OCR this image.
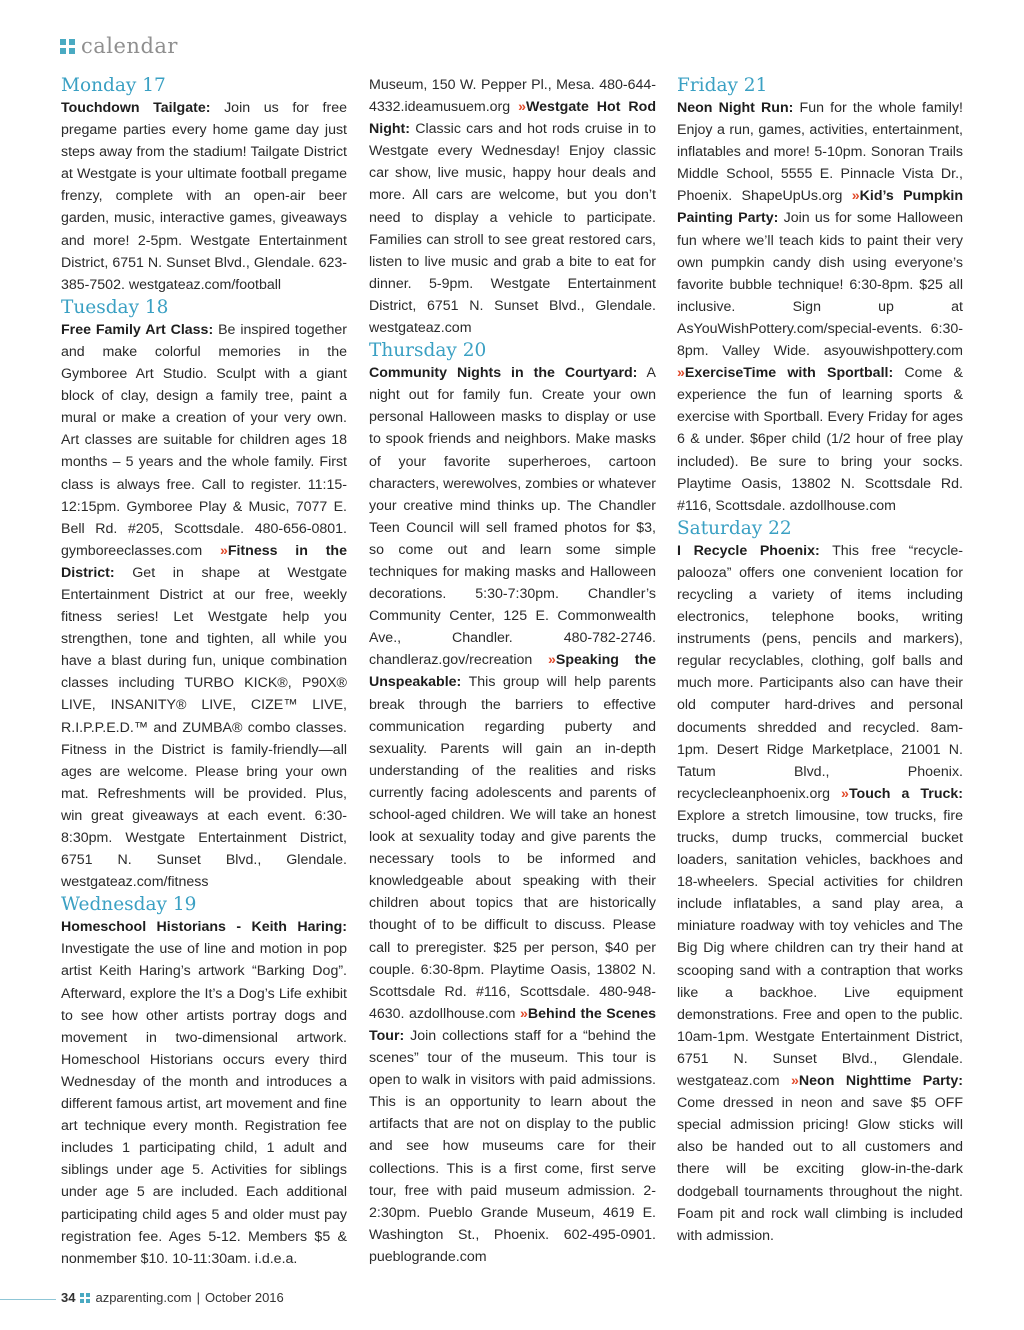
calendar
Monday 17

Touchdown Tailgate: Join us for free pregame parties every home game day just steps away from the stadium! Tailgate District at Westgate is your ultimate football pregame frenzy, complete with an open-air beer garden, music, interactive games, giveaways and more! 2-5pm. Westgate Entertainment District, 6751 N. Sunset Blvd., Glendale. 623-385-7502. westgateaz.com/football

Tuesday 18

Free Family Art Class: Be inspired together and make colorful memories in the Gymboree Art Studio. Sculpt with a giant block of clay, design a family tree, paint a mural or make a creation of your very own. Art classes are suitable for children ages 18 months – 5 years and the whole family. First class is always free. Call to register. 11:15-12:15pm. Gymboree Play & Music, 7077 E. Bell Rd. #205, Scottsdale. 480-656-0801. gymboreeclasses.com » Fitness in the District: Get in shape at Westgate Entertainment District at our free, weekly fitness series! Let Westgate help you strengthen, tone and tighten, all while you have a blast during fun, unique combination classes including TURBO KICK®, P90X® LIVE, INSANITY® LIVE, CIZE™ LIVE, R.I.P.P.E.D.™ and ZUMBA® combo classes. Fitness in the District is family-friendly—all ages are welcome. Please bring your own mat. Refreshments will be provided. Plus, win great giveaways at each event. 6:30-8:30pm. Westgate Entertainment District, 6751 N. Sunset Blvd., Glendale. westgateaz.com/fitness

Wednesday 19

Homeschool Historians - Keith Haring: Investigate the use of line and motion in pop artist Keith Haring’s artwork “Barking Dog”. Afterward, explore the It’s a Dog’s Life exhibit to see how other artists portray dogs and movement in two-dimensional artwork. Homeschool Historians occurs every third Wednesday of the month and introduces a different famous artist, art movement and fine art technique every month. Registration fee includes 1 participating child, 1 adult and siblings under age 5. Activities for siblings under age 5 are included. Each additional participating child ages 5 and older must pay registration fee. Ages 5-12. Members $5 & nonmember $10. 10-11:30am. i.d.e.a.

Museum, 150 W. Pepper Pl., Mesa. 480-644-4332.ideamusuem.org » Westgate Hot Rod Night: Classic cars and hot rods cruise in to Westgate every Wednesday! Enjoy classic car show, live music, happy hour deals and more. All cars are welcome, but you don’t need to display a vehicle to participate. Families can stroll to see great restored cars, listen to live music and grab a bite to eat for dinner. 5-9pm. Westgate Entertainment District, 6751 N. Sunset Blvd., Glendale. westgateaz.com

Thursday 20

Community Nights in the Courtyard: A night out for family fun. Create your own personal Halloween masks to display or use to spook friends and neighbors. Make masks of your favorite superheroes, cartoon characters, werewolves, zombies or whatever your creative mind thinks up. The Chandler Teen Council will sell framed photos for $3, so come out and learn some simple techniques for making masks and Halloween decorations. 5:30-7:30pm. Chandler’s Community Center, 125 E. Commonwealth Ave., Chandler. 480-782-2746. chandleraz.gov/recreation » Speaking the Unspeakable: This group will help parents break through the barriers to effective communication regarding puberty and sexuality. Parents will gain an in-depth understanding of the realities and risks currently facing adolescents and parents of school-aged children. We will take an honest look at sexuality today and give parents the necessary tools to be informed and knowledgeable about speaking with their children about topics that are historically thought of to be difficult to discuss. Please call to preregister. $25 per person, $40 per couple. 6:30-8pm. Playtime Oasis, 13802 N. Scottsdale Rd. #116, Scottsdale. 480-948-4630. azdollhouse.com » Behind the Scenes Tour: Join collections staff for a “behind the scenes” tour of the museum. This tour is open to walk in visitors with paid admissions. This is an opportunity to learn about the artifacts that are not on display to the public and see how museums care for their collections. This is a first come, first serve tour, free with paid museum admission. 2-2:30pm. Pueblo Grande Museum, 4619 E. Washington St., Phoenix. 602-495-0901. pueblogrande.com

Friday 21

Neon Night Run: Fun for the whole family! Enjoy a run, games, activities, entertainment, inflatables and more! 5-10pm. Sonoran Trails Middle School, 5555 E. Pinnacle Vista Dr., Phoenix. ShapeUpUs.org » Kid’s Pumpkin Painting Party: Join us for some Halloween fun where we’ll teach kids to paint their very own pumpkin candy dish using everyone’s favorite bubble technique! 6:30-8pm. $25 all inclusive. Sign up at AsYouWishPottery.com/special-events. 6:30-8pm. Valley Wide. asyouwishpottery.com » ExerciseTime with Sportball: Come & experience the fun of learning sports & exercise with Sportball. Every Friday for ages 6 & under. $6per child (1/2 hour of free play included). Be sure to bring your socks. Playtime Oasis, 13802 N. Scottsdale Rd. #116, Scottsdale. azdollhouse.com

Saturday 22

I Recycle Phoenix: This free “recycle-palooza” offers one convenient location for recycling a variety of items including electronics, telephone books, writing instruments (pens, pencils and markers), regular recyclables, clothing, golf balls and much more. Participants also can have their old computer hard-drives and personal documents shredded and recycled. 8am-1pm. Desert Ridge Marketplace, 21001 N. Tatum Blvd., Phoenix. recyclecleanphoenix.org » Touch a Truck: Explore a stretch limousine, tow trucks, fire trucks, dump trucks, commercial bucket loaders, sanitation vehicles, backhoes and 18-wheelers. Special activities for children include inflatables, a sand play area, a miniature roadway with toy vehicles and The Big Dig where children can try their hand at scooping sand with a contraption that works like a backhoe. Live equipment demonstrations. Free and open to the public. 10am-1pm. Westgate Entertainment District, 6751 N. Sunset Blvd., Glendale. westgateaz.com » Neon Nighttime Party: Come dressed in neon and save $5 OFF special admission pricing! Glow sticks will also be handed out to all customers and there will be exciting glow-in-the-dark dodgeball tournaments throughout the night. Foam pit and rock wall climbing is included with admission.

34 azparenting.com | October 2016
